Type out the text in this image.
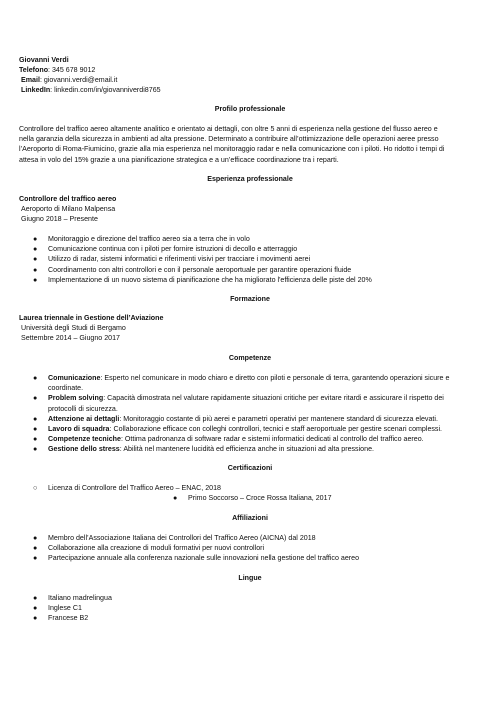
Giovanni Verdi
Telefono: 345 678 9012
Email: giovanni.verdi@email.it
LinkedIn: linkedin.com/in/giovanniverdi8765
Profilo professionale
Controllore del traffico aereo altamente analitico e orientato ai dettagli, con oltre 5 anni di esperienza nella gestione del flusso aereo e
nella garanzia della sicurezza in ambienti ad alta pressione. Determinato a contribuire all’ottimizzazione delle operazioni aeree presso
l’Aeroporto di Roma-Fiumicino, grazie alla mia esperienza nel monitoraggio radar e nella comunicazione con i piloti. Ho ridotto i tempi di
attesa in volo del 15% grazie a una pianificazione strategica e a un’efficace coordinazione tra i reparti.
Esperienza professionale
Controllore del traffico aereo
Aeroporto di Milano Malpensa
Giugno 2018 – Presente
● Monitoraggio e direzione del traffico aereo sia a terra che in volo
● Comunicazione continua con i piloti per fornire istruzioni di decollo e atterraggio
● Utilizzo di radar, sistemi informatici e riferimenti visivi per tracciare i movimenti aerei
● Coordinamento con altri controllori e con il personale aeroportuale per garantire operazioni fluide
● Implementazione di un nuovo sistema di pianificazione che ha migliorato l'efficienza delle piste del 20%
Formazione
Laurea triennale in Gestione dell’Aviazione
Università degli Studi di Bergamo
Settembre 2014 – Giugno 2017
Competenze
● Comunicazione: Esperto nel comunicare in modo chiaro e diretto con piloti e personale di terra, garantendo operazioni sicure e
coordinate.
● Problem solving: Capacità dimostrata nel valutare rapidamente situazioni critiche per evitare ritardi e assicurare il rispetto dei
protocolli di sicurezza.
● Attenzione ai dettagli: Monitoraggio costante di più aerei e parametri operativi per mantenere standard di sicurezza elevati.
● Lavoro di squadra: Collaborazione efficace con colleghi controllori, tecnici e staff aeroportuale per gestire scenari complessi.
● Competenze tecniche: Ottima padronanza di software radar e sistemi informatici dedicati al controllo del traffico aereo.
● Gestione dello stress: Abilità nel mantenere lucidità ed efficienza anche in situazioni ad alta pressione.
Certificazioni
○ Licenza di Controllore del Traffico Aereo – ENAC, 2018
● Primo Soccorso – Croce Rossa Italiana, 2017
Affiliazioni
● Membro dell’Associazione Italiana dei Controllori del Traffico Aereo (AICNA) dal 2018
● Collaborazione alla creazione di moduli formativi per nuovi controllori
● Partecipazione annuale alla conferenza nazionale sulle innovazioni nella gestione del traffico aereo
Lingue
● Italiano madrelingua
● Inglese C1
● Francese B2
